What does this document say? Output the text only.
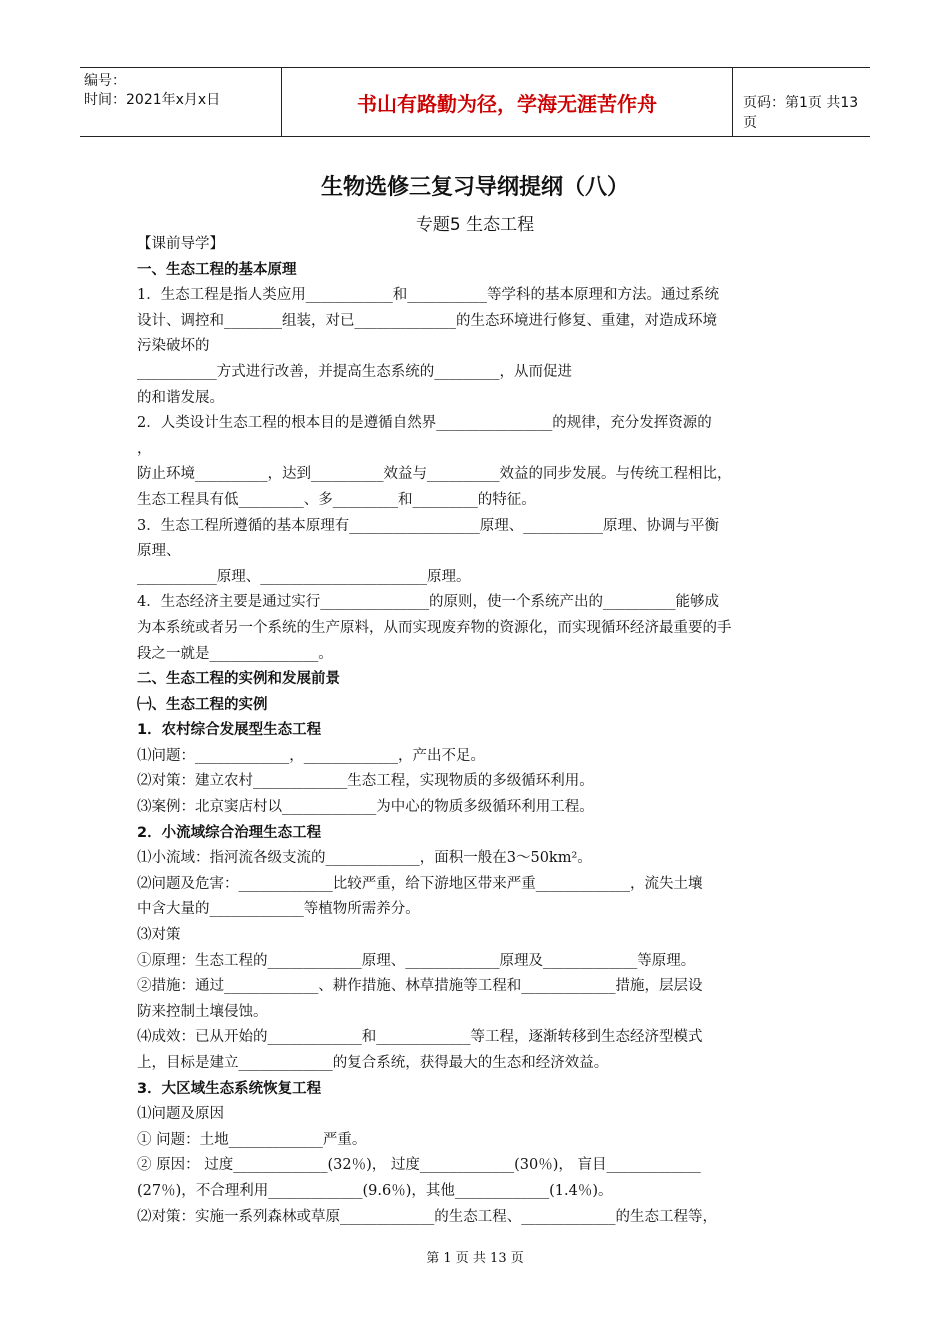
编号：
时间：2021年x月x日	书山有路勤为径，学海无涯苦作舟	页码：第1页 共13页
生物选修三复习导纲提纲（八）
专题5 生态工程
【课前导学】
一、生态工程的基本原理
1．生态工程是指人类应用____________和___________等学科的基本原理和方法。通过系统
设计、调控和________组装，对已______________的生态环境进行修复、重建，对造成环境
污染破坏的
___________方式进行改善，并提高生态系统的_________，从而促进
的和谐发展。
2．人类设计生态工程的根本目的是遵循自然界________________的规律，充分发挥资源的
，
防止环境__________，达到__________效益与__________效益的同步发展。与传统工程相比，
生态工程具有低_________、多_________和_________的特征。
3．生态工程所遵循的基本原理有__________________原理、___________原理、协调与平衡
原理、
___________原理、_______________________原理。
4．生态经济主要是通过实行_______________的原则，使一个系统产出的__________能够成
为本系统或者另一个系统的生产原料，从而实现废弃物的资源化，而实现循环经济最重要的手
段之一就是_______________。
二、生态工程的实例和发展前景
㈠、生态工程的实例
1．农村综合发展型生态工程
⑴问题：_____________，_____________，产出不足。
⑵对策：建立农村_____________生态工程，实现物质的多级循环利用。
⑶案例：北京窦店村以_____________为中心的物质多级循环利用工程。
2．小流域综合治理生态工程
⑴小流域：指河流各级支流的_____________，面积一般在3～50km²。
⑵问题及危害：_____________比较严重，给下游地区带来严重_____________，流失土壤
中含大量的_____________等植物所需养分。
⑶对策
①原理：生态工程的_____________原理、_____________原理及_____________等原理。
②措施：通过_____________、耕作措施、林草措施等工程和_____________措施，层层设
防来控制土壤侵蚀。
⑷成效：已从开始的_____________和_____________等工程，逐渐转移到生态经济型模式
上，目标是建立_____________的复合系统，获得最大的生态和经济效益。
3．大区域生态系统恢复工程
⑴问题及原因
① 问题：土地_____________严重。
② 原因： 过度_____________(32％)， 过度_____________(30％)， 盲目_____________
(27％)，不合理利用_____________(9.6％)，其他_____________(1.4％)。
⑵对策：实施一系列森林或草原_____________的生态工程、_____________的生态工程等，
第 1 页 共 13 页
